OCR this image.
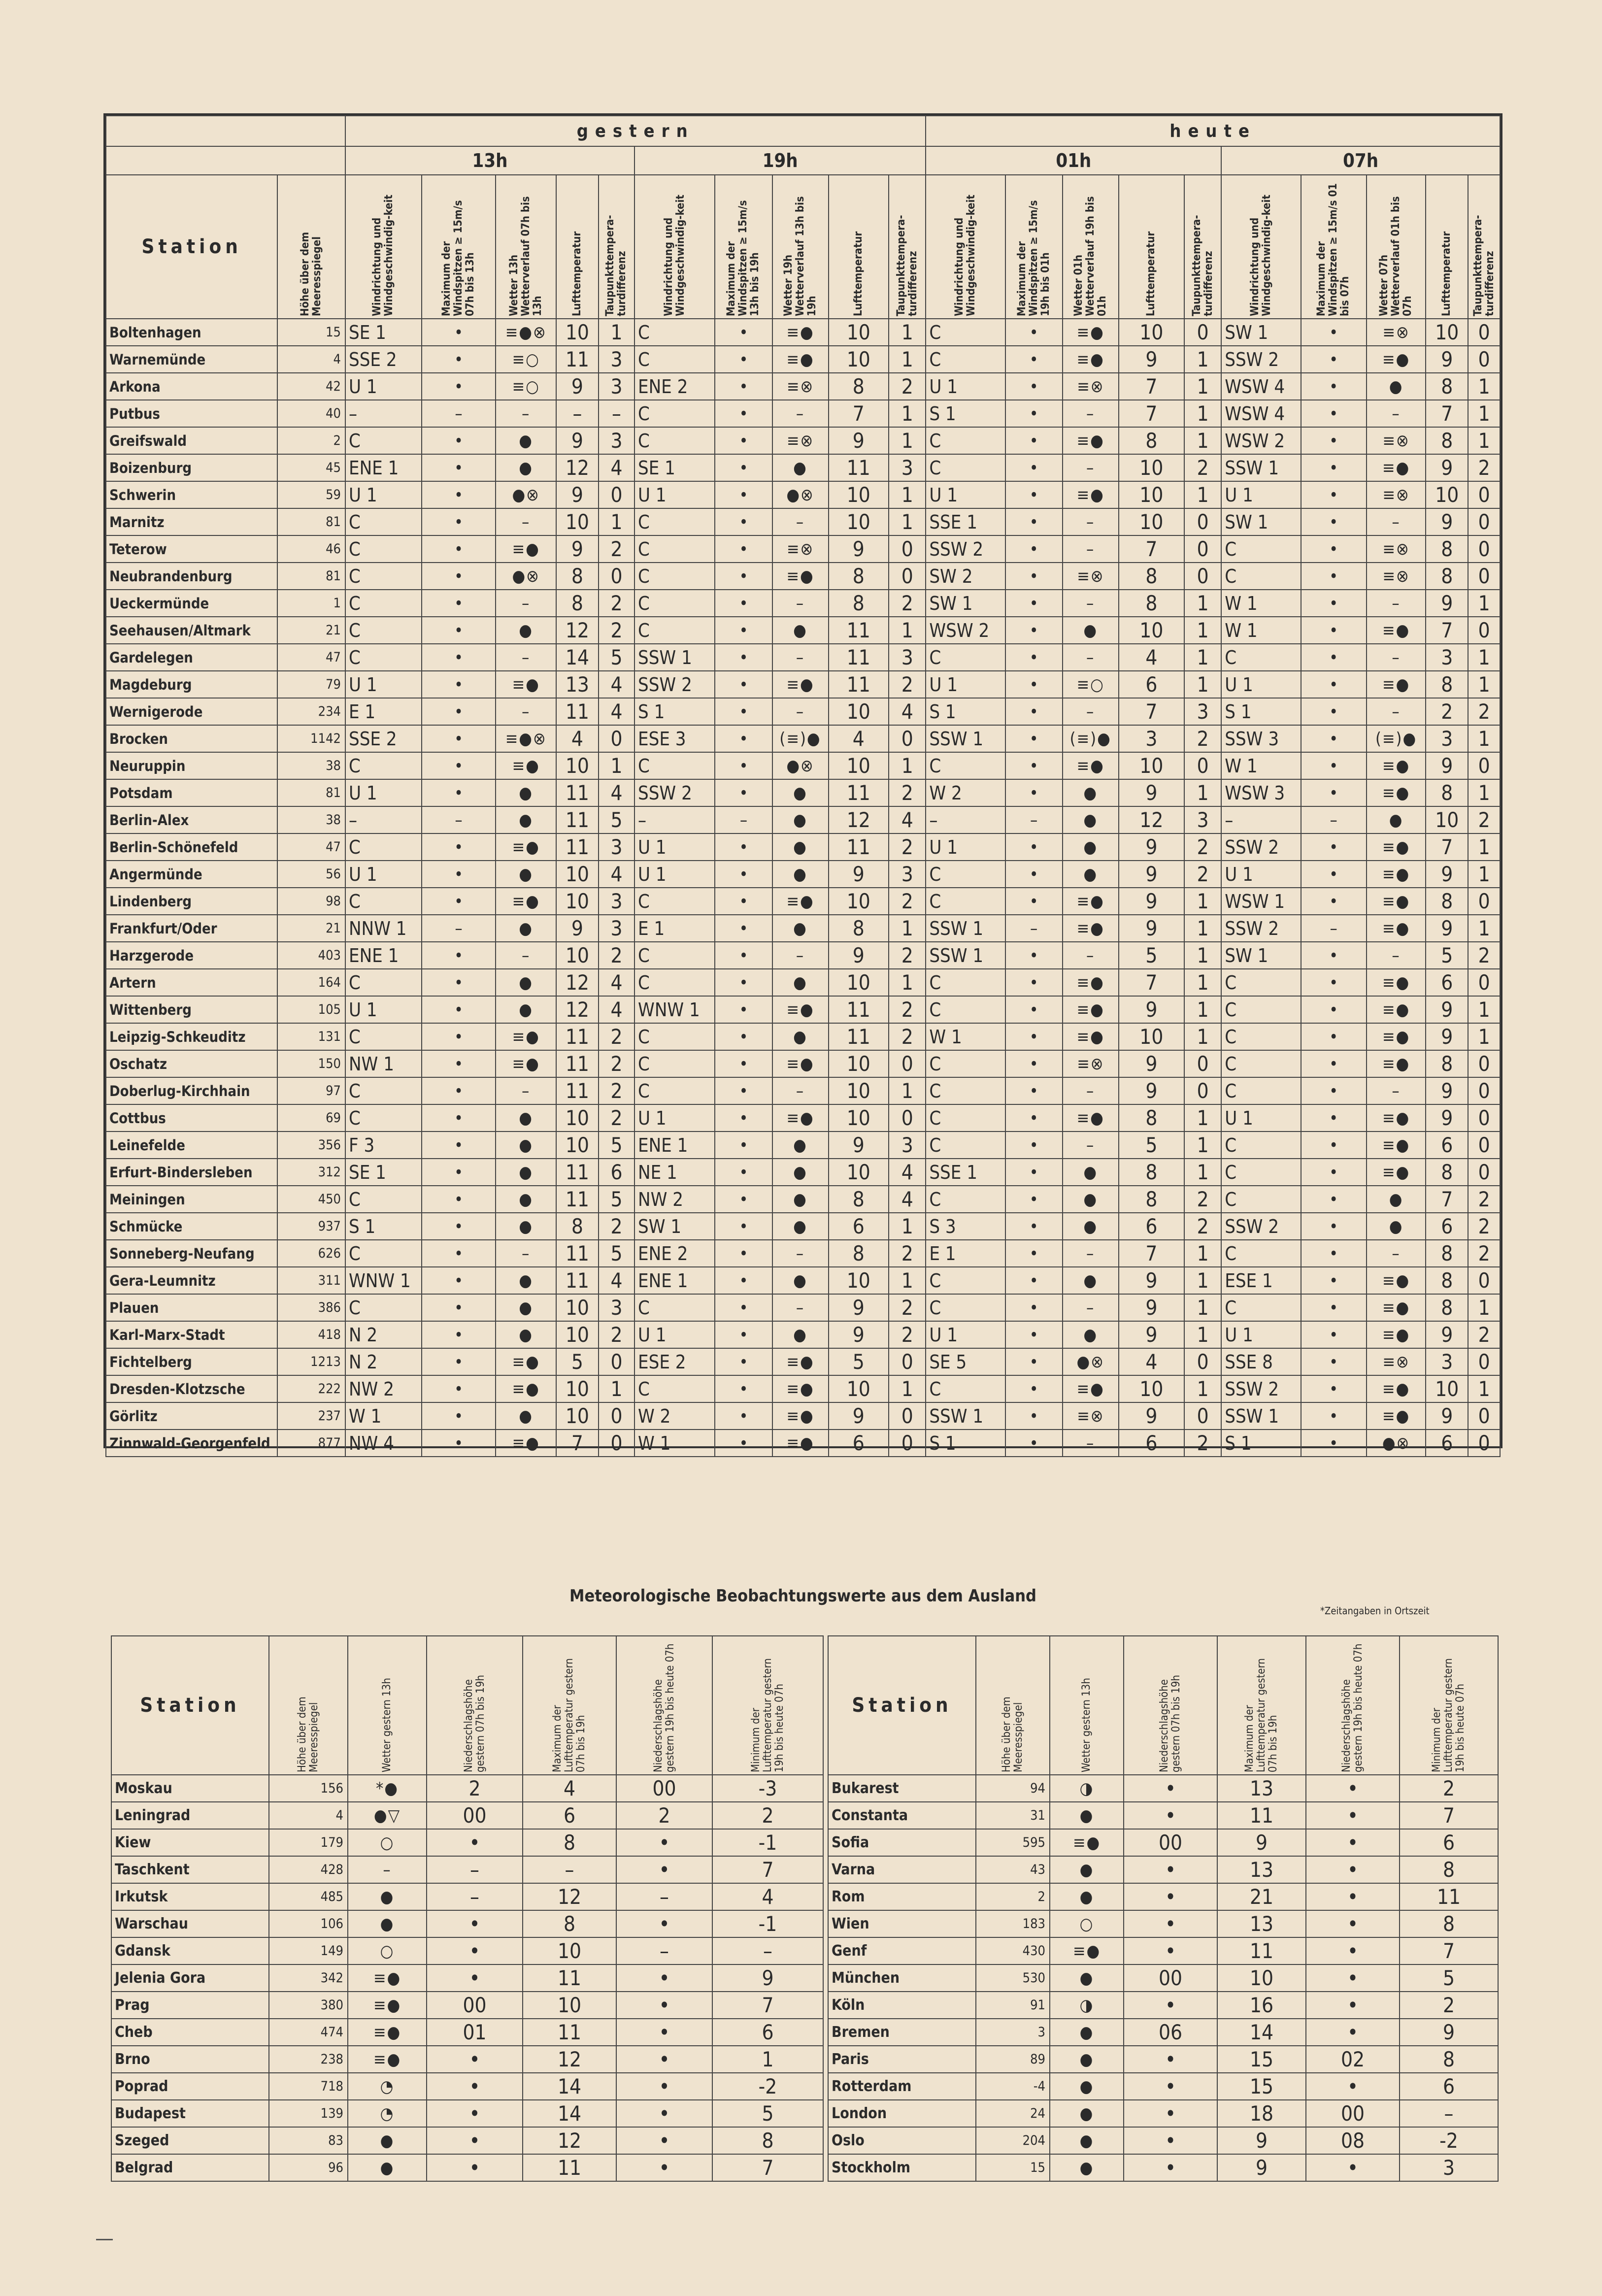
		gestern										heute									
		13h					19h					01h					07h				
Station	Höhe über dem Meeresspiegel	Windrichtung und Windgeschwindig-keit	Maximum der Windspitzen ≥ 15m/s 07h bis 13h	Wetter 13h Wetterverlauf 07h bis 13h	Lufttemperatur	Taupunkttempera-turdifferenz	Windrichtung und Windgeschwindig-keit	Maximum der Windspitzen ≥ 15m/s 13h bis 19h	Wetter 19h Wetterverlauf 13h bis 19h	Lufttemperatur	Taupunkttempera-turdifferenz	Windrichtung und Windgeschwindig-keit	Maximum der Windspitzen ≥ 15m/s 19h bis 01h	Wetter 01h Wetterverlauf 19h bis 01h	Lufttemperatur	Taupunkttempera-turdifferenz	Windrichtung und Windgeschwindig-keit	Maximum der Windspitzen ≥ 15m/s 01 bis 07h	Wetter 07h Wetterverlauf 01h bis 07h	Lufttemperatur	Taupunkttempera-turdifferenz
Boltenhagen	15	SE 1	•	≡●⊗	10	1	C	•	≡●	10	1	C	•	≡●	10	0	SW 1	•	≡⊗	10	0
Warnemünde	4	SSE 2	•	≡○	11	3	C	•	≡●	10	1	C	•	≡●	9	1	SSW 2	•	≡●	9	0
Arkona	42	U 1	•	≡○	9	3	ENE 2	•	≡⊗	8	2	U 1	•	≡⊗	7	1	WSW 4	•	●	8	1
Putbus	40	–	–	–	–	–	C	•	–	7	1	S 1	•	–	7	1	WSW 4	•	–	7	1
Greifswald	2	C	•	●	9	3	C	•	≡⊗	9	1	C	•	≡●	8	1	WSW 2	•	≡⊗	8	1
Boizenburg	45	ENE 1	•	●	12	4	SE 1	•	●	11	3	C	•	–	10	2	SSW 1	•	≡●	9	2
Schwerin	59	U 1	•	●⊗	9	0	U 1	•	●⊗	10	1	U 1	•	≡●	10	1	U 1	•	≡⊗	10	0
Marnitz	81	C	•	–	10	1	C	•	–	10	1	SSE 1	•	–	10	0	SW 1	•	–	9	0
Teterow	46	C	•	≡●	9	2	C	•	≡⊗	9	0	SSW 2	•	–	7	0	C	•	≡⊗	8	0
Neubrandenburg	81	C	•	●⊗	8	0	C	•	≡●	8	0	SW 2	•	≡⊗	8	0	C	•	≡⊗	8	0
Ueckermünde	1	C	•	–	8	2	C	•	–	8	2	SW 1	•	–	8	1	W 1	•	–	9	1
Seehausen/Altmark	21	C	•	●	12	2	C	•	●	11	1	WSW 2	•	●	10	1	W 1	•	≡●	7	0
Gardelegen	47	C	•	–	14	5	SSW 1	•	–	11	3	C	•	–	4	1	C	•	–	3	1
Magdeburg	79	U 1	•	≡●	13	4	SSW 2	•	≡●	11	2	U 1	•	≡○	6	1	U 1	•	≡●	8	1
Wernigerode	234	E 1	•	–	11	4	S 1	•	–	10	4	S 1	•	–	7	3	S 1	•	–	2	2
Brocken	1142	SSE 2	•	≡●⊗	4	0	ESE 3	•	(≡)●	4	0	SSW 1	•	(≡)●	3	2	SSW 3	•	(≡)●	3	1
Neuruppin	38	C	•	≡●	10	1	C	•	●⊗	10	1	C	•	≡●	10	0	W 1	•	≡●	9	0
Potsdam	81	U 1	•	●	11	4	SSW 2	•	●	11	2	W 2	•	●	9	1	WSW 3	•	≡●	8	1
Berlin-Alex	38	–	–	●	11	5	–	–	●	12	4	–	–	●	12	3	–	–	●	10	2
Berlin-Schönefeld	47	C	•	≡●	11	3	U 1	•	●	11	2	U 1	•	●	9	2	SSW 2	•	≡●	7	1
Angermünde	56	U 1	•	●	10	4	U 1	•	●	9	3	C	•	●	9	2	U 1	•	≡●	9	1
Lindenberg	98	C	•	≡●	10	3	C	•	≡●	10	2	C	•	≡●	9	1	WSW 1	•	≡●	8	0
Frankfurt/Oder	21	NNW 1	–	●	9	3	E 1	•	●	8	1	SSW 1	–	≡●	9	1	SSW 2	–	≡●	9	1
Harzgerode	403	ENE 1	•	–	10	2	C	•	–	9	2	SSW 1	•	–	5	1	SW 1	•	–	5	2
Artern	164	C	•	●	12	4	C	•	●	10	1	C	•	≡●	7	1	C	•	≡●	6	0
Wittenberg	105	U 1	•	●	12	4	WNW 1	•	≡●	11	2	C	•	≡●	9	1	C	•	≡●	9	1
Leipzig-Schkeuditz	131	C	•	≡●	11	2	C	•	●	11	2	W 1	•	≡●	10	1	C	•	≡●	9	1
Oschatz	150	NW 1	•	≡●	11	2	C	•	≡●	10	0	C	•	≡⊗	9	0	C	•	≡●	8	0
Doberlug-Kirchhain	97	C	•	–	11	2	C	•	–	10	1	C	•	–	9	0	C	•	–	9	0
Cottbus	69	C	•	●	10	2	U 1	•	≡●	10	0	C	•	≡●	8	1	U 1	•	≡●	9	0
Leinefelde	356	F 3	•	●	10	5	ENE 1	•	●	9	3	C	•	–	5	1	C	•	≡●	6	0
Erfurt-Bindersleben	312	SE 1	•	●	11	6	NE 1	•	●	10	4	SSE 1	•	●	8	1	C	•	≡●	8	0
Meiningen	450	C	•	●	11	5	NW 2	•	●	8	4	C	•	●	8	2	C	•	●	7	2
Schmücke	937	S 1	•	●	8	2	SW 1	•	●	6	1	S 3	•	●	6	2	SSW 2	•	●	6	2
Sonneberg-Neufang	626	C	•	–	11	5	ENE 2	•	–	8	2	E 1	•	–	7	1	C	•	–	8	2
Gera-Leumnitz	311	WNW 1	•	●	11	4	ENE 1	•	●	10	1	C	•	●	9	1	ESE 1	•	≡●	8	0
Plauen	386	C	•	●	10	3	C	•	–	9	2	C	•	–	9	1	C	•	≡●	8	1
Karl-Marx-Stadt	418	N 2	•	●	10	2	U 1	•	●	9	2	U 1	•	●	9	1	U 1	•	≡●	9	2
Fichtelberg	1213	N 2	•	≡●	5	0	ESE 2	•	≡●	5	0	SE 5	•	●⊗	4	0	SSE 8	•	≡⊗	3	0
Dresden-Klotzsche	222	NW 2	•	≡●	10	1	C	•	≡●	10	1	C	•	≡●	10	1	SSW 2	•	≡●	10	1
Görlitz	237	W 1	•	●	10	0	W 2	•	≡●	9	0	SSW 1	•	≡⊗	9	0	SSW 1	•	≡●	9	0
Zinnwald-Georgenfeld	877	NW 4	•	≡●	7	0	W 1	•	≡●	6	0	S 1	•	–	6	2	S 1	•	●⊗	6	0
Meteorologische Beobachtungswerte aus dem Ausland
*Zeitangaben in Ortszeit
Station	Höhe über dem Meeresspiegel	Wetter gestern 13h	Niederschlagshöhe gestern 07h bis 19h	Maximum der Lufttemperatur gestern 07h bis 19h	Niederschlagshöhe gestern 19h bis heute 07h	Minimum der Lufttemperatur gestern 19h bis heute 07h
Moskau	156	*●	2	4	00	-3
Leningrad	4	●▽	00	6	2	2
Kiew	179	○	•	8	•	-1
Taschkent	428	–	–	–	•	7
Irkutsk	485	●	–	12	–	4
Warschau	106	●	•	8	•	-1
Gdansk	149	○	•	10	–	–
Jelenia Gora	342	≡●	•	11	•	9
Prag	380	≡●	00	10	•	7
Cheb	474	≡●	01	11	•	6
Brno	238	≡●	•	12	•	1
Poprad	718	◔	•	14	•	-2
Budapest	139	◔	•	14	•	5
Szeged	83	●	•	12	•	8
Belgrad	96	●	•	11	•	7
Station	Höhe über dem Meeresspiegel	Wetter gestern 13h	Niederschlagshöhe gestern 07h bis 19h	Maximum der Lufttemperatur gestern 07h bis 19h	Niederschlagshöhe gestern 19h bis heute 07h	Minimum der Lufttemperatur gestern 19h bis heute 07h
Bukarest	94	◑	•	13	•	2
Constanta	31	●	•	11	•	7
Sofia	595	≡●	00	9	•	6
Varna	43	●	•	13	•	8
Rom	2	●	•	21	•	11
Wien	183	○	•	13	•	8
Genf	430	≡●	•	11	•	7
München	530	●	00	10	•	5
Köln	91	◑	•	16	•	2
Bremen	3	●	06	14	•	9
Paris	89	●	•	15	02	8
Rotterdam	-4	●	•	15	•	6
London	24	●	•	18	00	–
Oslo	204	●	•	9	08	-2
Stockholm	15	●	•	9	•	3
